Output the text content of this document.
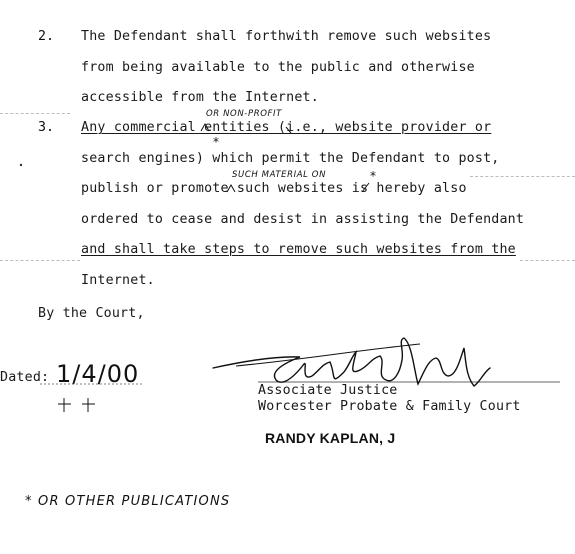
2. The Defendant shall forthwith remove such websites
from being available to the public and otherwise
accessible from the Internet.
3. Any commercial entities (i.e., website provider or
search engines) which permit the Defendant to post,
publish or promote such websites is hereby also
ordered to cease and desist in assisting the Defendant
and shall take steps to remove such websites from the
Internet.
OR NON-PROFIT
SUCH MATERIAL ON
*
*
By the Court,
Dated: 1/4/00
Associate Justice
Worcester Probate & Family Court
RANDY KAPLAN, J
* OR OTHER PUBLICATIONS
